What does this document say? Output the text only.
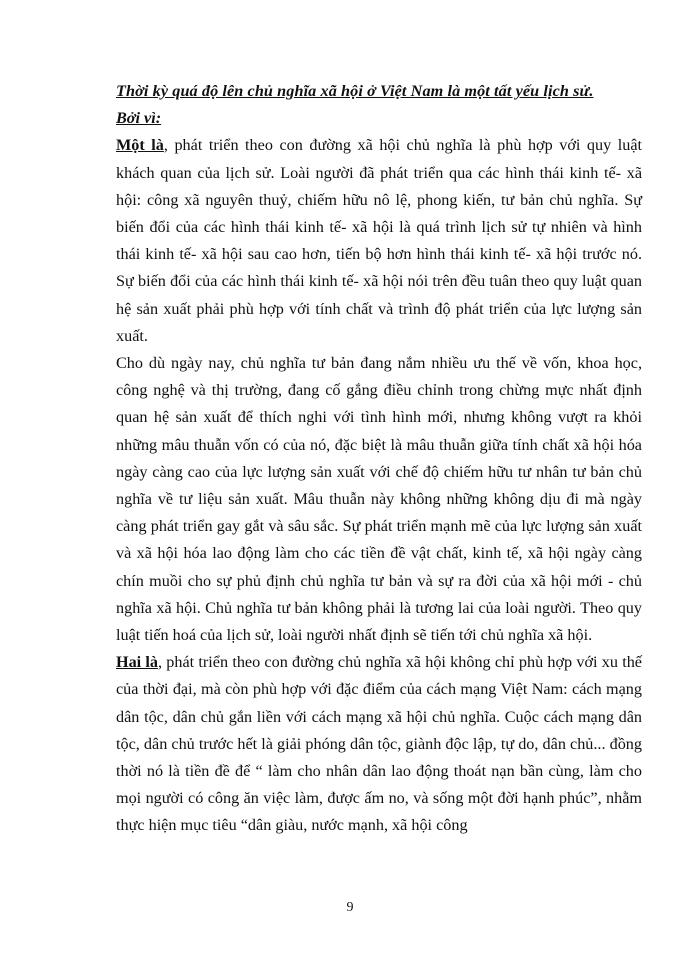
Thời kỳ quá độ lên chủ nghĩa xã hội ở Việt Nam là một tất yếu lịch sử.

Bởi vì:

Một là, phát triển theo con đường xã hội chủ nghĩa là phù hợp với quy luật khách quan của lịch sử. Loài người đã phát triển qua các hình thái kinh tế- xã hội: công xã nguyên thuỷ, chiếm hữu nô lệ, phong kiến, tư bản chủ nghĩa. Sự biến đổi của các hình thái kinh tế- xã hội là quá trình lịch sử tự nhiên và hình thái kinh tế- xã hội sau cao hơn, tiến bộ hơn hình thái kinh tế- xã hội trước nó. Sự biến đổi của các hình thái kinh tế- xã hội nói trên đều tuân theo quy luật quan hệ sản xuất phải phù hợp với tính chất và trình độ phát triển của lực lượng sản xuất.

Cho dù ngày nay, chủ nghĩa tư bản đang nắm nhiều ưu thế về vốn, khoa học, công nghệ và thị trường, đang cố gắng điều chỉnh trong chừng mực nhất định quan hệ sản xuất để thích nghi với tình hình mới, nhưng không vượt ra khỏi những mâu thuẫn vốn có của nó, đặc biệt là mâu thuẫn giữa tính chất xã hội hóa ngày càng cao của lực lượng sản xuất với chế độ chiếm hữu tư nhân tư bản chủ nghĩa về tư liệu sản xuất. Mâu thuẫn này không những không dịu đi mà ngày càng phát triển gay gắt và sâu sắc. Sự phát triển mạnh mẽ của lực lượng sản xuất và xã hội hóa lao động làm cho các tiền đề vật chất, kinh tế, xã hội ngày càng chín muồi cho sự phủ định chủ nghĩa tư bản và sự ra đời của xã hội mới - chủ nghĩa xã hội. Chủ nghĩa tư bản không phải là tương lai của loài người. Theo quy luật tiến hoá của lịch sử, loài người nhất định sẽ tiến tới chủ nghĩa xã hội.

Hai là, phát triển theo con đường chủ nghĩa xã hội không chỉ phù hợp với xu thế của thời đại, mà còn phù hợp với đặc điểm của cách mạng Việt Nam: cách mạng dân tộc, dân chủ gắn liền với cách mạng xã hội chủ nghĩa. Cuộc cách mạng dân tộc, dân chủ trước hết là giải phóng dân tộc, giành độc lập, tự do, dân chủ... đồng thời nó là tiền đề để “ làm cho nhân dân lao động thoát nạn bần cùng, làm cho mọi người có công ăn việc làm, được ấm no, và sống một đời hạnh phúc”, nhằm thực hiện mục tiêu “dân giàu, nước mạnh, xã hội công

9
